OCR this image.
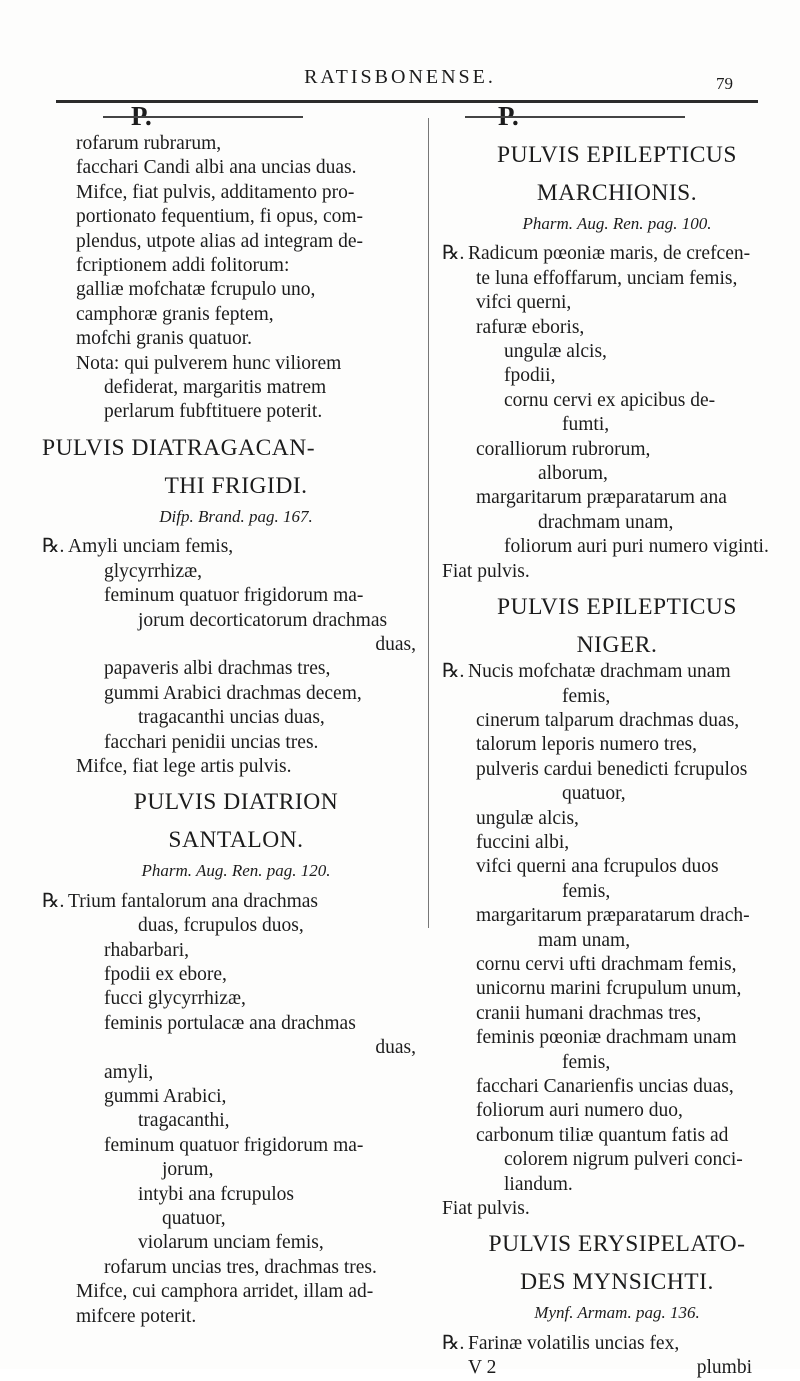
RATISBONENSE.	79
P.	P.
rofarum rubrarum,
facchari Candi albi ana uncias duas.
Mifce, fiat pulvis, additamento pro-
portionato fequentium, fi opus, com-
plendus, utpote alias ad integram de-
fcriptionem addi folitorum:
galliæ mofchatæ fcrupulo uno,
camphoræ granis feptem,
mofchi granis quatuor.
Nota: qui pulverem hunc viliorem
defiderat, margaritis matrem
perlarum fubftituere poterit.
PULVIS DIATRAGACAN-
THI FRIGIDI.
Difp. Brand. pag. 167.
℞. Amyli unciam femis,
glycyrrhizæ,
feminum quatuor frigidorum ma-
jorum decorticatorum drachmas
duas,
papaveris albi drachmas tres,
gummi Arabici drachmas decem,
tragacanthi uncias duas,
facchari penidii uncias tres.
Mifce, fiat lege artis pulvis.
PULVIS DIATRION
SANTALON.
Pharm. Aug. Ren. pag. 120.
℞. Trium fantalorum ana drachmas
duas, fcrupulos duos,
rhabarbari,
fpodii ex ebore,
fucci glycyrrhizæ,
feminis portulacæ ana drachmas
duas,
amyli,
gummi Arabici,
tragacanthi,
feminum quatuor frigidorum ma-
jorum,
intybi ana fcrupulos
quatuor,
violarum unciam femis,
rofarum uncias tres, drachmas tres.
Mifce, cui camphora arridet, illam ad-
mifcere poterit.
PULVIS EPILEPTICUS
MARCHIONIS.
Pharm. Aug. Ren. pag. 100.
℞. Radicum pœoniæ maris, de crefcen-
te luna effoffarum, unciam femis,
vifci querni,
rafuræ eboris,
ungulæ alcis,
fpodii,
cornu cervi ex apicibus de-
fumti,
coralliorum rubrorum,
alborum,
margaritarum præparatarum ana
drachmam unam,
foliorum auri puri numero viginti.
Fiat pulvis.
PULVIS EPILEPTICUS
NIGER.
℞. Nucis mofchatæ drachmam unam
femis,
cinerum talparum drachmas duas,
talorum leporis numero tres,
pulveris cardui benedicti fcrupulos
quatuor,
ungulæ alcis,
fuccini albi,
vifci querni ana fcrupulos duos
femis,
margaritarum præparatarum drach-
mam unam,
cornu cervi ufti drachmam femis,
unicornu marini fcrupulum unum,
cranii humani drachmas tres,
feminis pœoniæ drachmam unam
femis,
facchari Canarienfis uncias duas,
foliorum auri numero duo,
carbonum tiliæ quantum fatis ad
colorem nigrum pulveri conci-
liandum.
Fiat pulvis.
PULVIS ERYSIPELATO-
DES MYNSICHTI.
Mynf. Armam. pag. 136.
℞. Farinæ volatilis uncias fex,
V 2	plumbi
